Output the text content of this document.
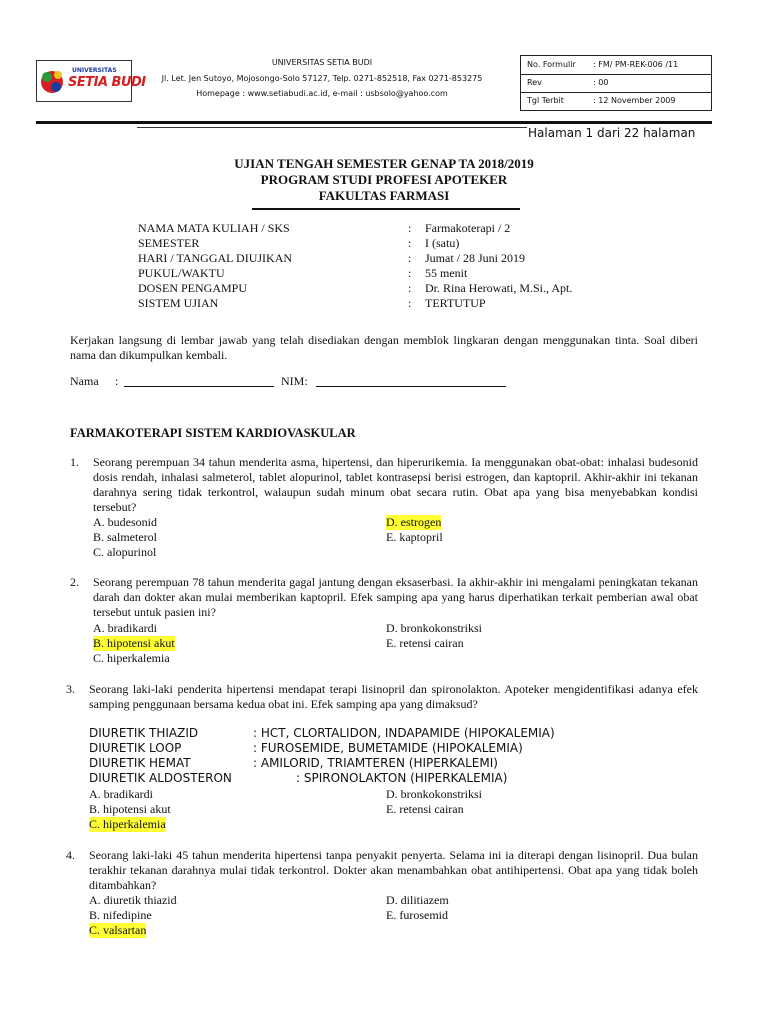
UNIVERSITAS
SETIA BUDI
UNIVERSITAS SETIA BUDI
Jl. Let. Jen Sutoyo, Mojosongo-Solo 57127, Telp. 0271-852518, Fax 0271-853275
Homepage : www.setiabudi.ac.id, e-mail : usbsolo@yahoo.com
No. Formulir : FM/ PM-REK-006 /11
Rev	: 00
Tgl Terbit	: 12 November 2009
Halaman 1 dari 22 halaman
UJIAN TENGAH SEMESTER GENAP TA 2018/2019
PROGRAM STUDI PROFESI APOTEKER
FAKULTAS FARMASI
NAMA MATA KULIAH / SKS	: Farmakoterapi / 2
SEMESTER	: I (satu)
HARI / TANGGAL DIUJIKAN	: Jumat / 28 Juni 2019
PUKUL/WAKTU	: 55 menit
DOSEN PENGAMPU	: Dr. Rina Herowati, M.Si., Apt.
SISTEM UJIAN	: TERTUTUP
Kerjakan langsung di lembar jawab yang telah disediakan dengan memblok lingkaran dengan menggunakan tinta. Soal diberi nama dan dikumpulkan kembali.
Nama :	NIM:
FARMAKOTERAPI SISTEM KARDIOVASKULAR
1. Seorang perempuan 34 tahun menderita asma, hipertensi, dan hiperurikemia. Ia menggunakan obat-obat: inhalasi budesonid dosis rendah, inhalasi salmeterol, tablet alopurinol, tablet kontrasepsi berisi estrogen, dan kaptopril. Akhir-akhir ini tekanan darahnya sering tidak terkontrol, walaupun sudah minum obat secara rutin. Obat apa yang bisa menyebabkan kondisi tersebut?
A. budesonid	D. estrogen
B. salmeterol	E. kaptopril
C. alopurinol
2. Seorang perempuan 78 tahun menderita gagal jantung dengan eksaserbasi. Ia akhir-akhir ini mengalami peningkatan tekanan darah dan dokter akan mulai memberikan kaptopril. Efek samping apa yang harus diperhatikan terkait pemberian awal obat tersebut untuk pasien ini?
A. bradikardi	D. bronkokonstriksi
B. hipotensi akut	E. retensi cairan
C. hiperkalemia
3. Seorang laki-laki penderita hipertensi mendapat terapi lisinopril dan spironolakton. Apoteker mengidentifikasi adanya efek samping penggunaan bersama kedua obat ini. Efek samping apa yang dimaksud?
DIURETIK THIAZID	: HCT, CLORTALIDON, INDAPAMIDE (HIPOKALEMIA)
DIURETIK LOOP	: FUROSEMIDE, BUMETAMIDE (HIPOKALEMIA)
DIURETIK HEMAT	: AMILORID, TRIAMTEREN (HIPERKALEMI)
DIURETIK ALDOSTERON	: SPIRONOLAKTON (HIPERKALEMIA)
A. bradikardi	D. bronkokonstriksi
B. hipotensi akut	E. retensi cairan
C. hiperkalemia
4. Seorang laki-laki 45 tahun menderita hipertensi tanpa penyakit penyerta. Selama ini ia diterapi dengan lisinopril. Dua bulan terakhir tekanan darahnya mulai tidak terkontrol. Dokter akan menambahkan obat antihipertensi. Obat apa yang tidak boleh ditambahkan?
A. diuretik thiazid	D. dilitiazem
B. nifedipine	E. furosemid
C. valsartan
